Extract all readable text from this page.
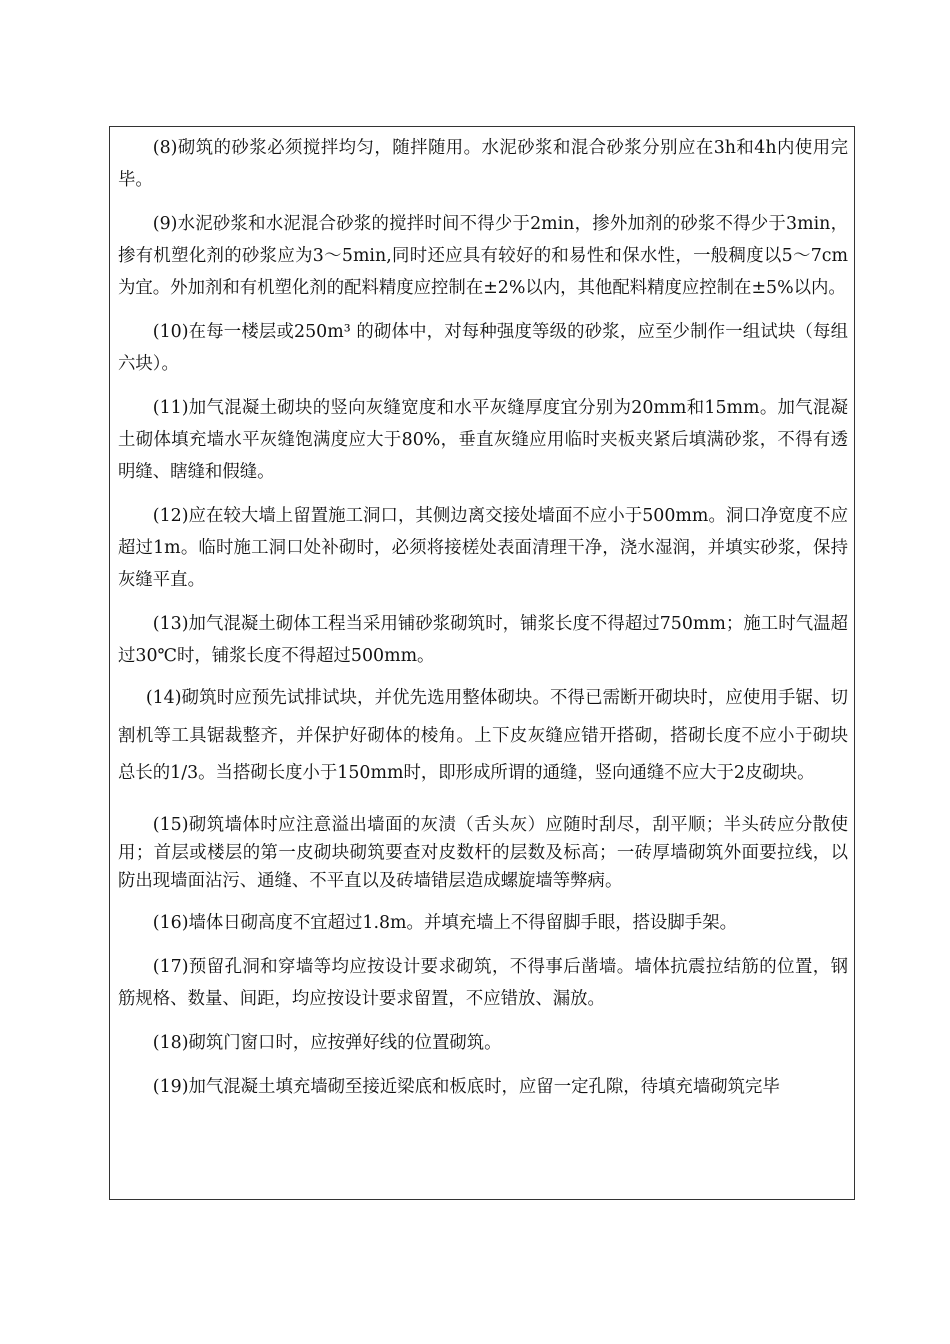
(8)砌筑的砂浆必须搅拌均匀，随拌随用。水泥砂浆和混合砂浆分别应在3h和4h内使用完毕。

(9)水泥砂浆和水泥混合砂浆的搅拌时间不得少于2min，掺外加剂的砂浆不得少于3min，掺有机塑化剂的砂浆应为3～5min,同时还应具有较好的和易性和保水性，一般稠度以5～7cm为宜。外加剂和有机塑化剂的配料精度应控制在±2%以内，其他配料精度应控制在±5%以内。

(10)在每一楼层或250m³ 的砌体中，对每种强度等级的砂浆，应至少制作一组试块（每组六块）。

(11)加气混凝土砌块的竖向灰缝宽度和水平灰缝厚度宜分别为20mm和15mm。加气混凝土砌体填充墙水平灰缝饱满度应大于80%，垂直灰缝应用临时夹板夹紧后填满砂浆，不得有透明缝、瞎缝和假缝。

(12)应在较大墙上留置施工洞口，其侧边离交接处墙面不应小于500mm。洞口净宽度不应超过1m。临时施工洞口处补砌时，必须将接槎处表面清理干净，浇水湿润，并填实砂浆，保持灰缝平直。

(13)加气混凝土砌体工程当采用铺砂浆砌筑时，铺浆长度不得超过750mm；施工时气温超过30℃时，铺浆长度不得超过500mm。

(14)砌筑时应预先试排试块，并优先选用整体砌块。不得已需断开砌块时，应使用手锯、切割机等工具锯裁整齐，并保护好砌体的棱角。上下皮灰缝应错开搭砌，搭砌长度不应小于砌块总长的1/3。当搭砌长度小于150mm时，即形成所谓的通缝，竖向通缝不应大于2皮砌块。

(15)砌筑墙体时应注意溢出墙面的灰渍（舌头灰）应随时刮尽，刮平顺；半头砖应分散使用；首层或楼层的第一皮砌块砌筑要查对皮数杆的层数及标高；一砖厚墙砌筑外面要拉线，以防出现墙面沾污、通缝、不平直以及砖墙错层造成螺旋墙等弊病。

(16)墙体日砌高度不宜超过1.8m。并填充墙上不得留脚手眼，搭设脚手架。

(17)预留孔洞和穿墙等均应按设计要求砌筑，不得事后凿墙。墙体抗震拉结筋的位置，钢筋规格、数量、间距，均应按设计要求留置，不应错放、漏放。

(18)砌筑门窗口时，应按弹好线的位置砌筑。

(19)加气混凝土填充墙砌至接近梁底和板底时，应留一定孔隙，待填充墙砌筑完毕
